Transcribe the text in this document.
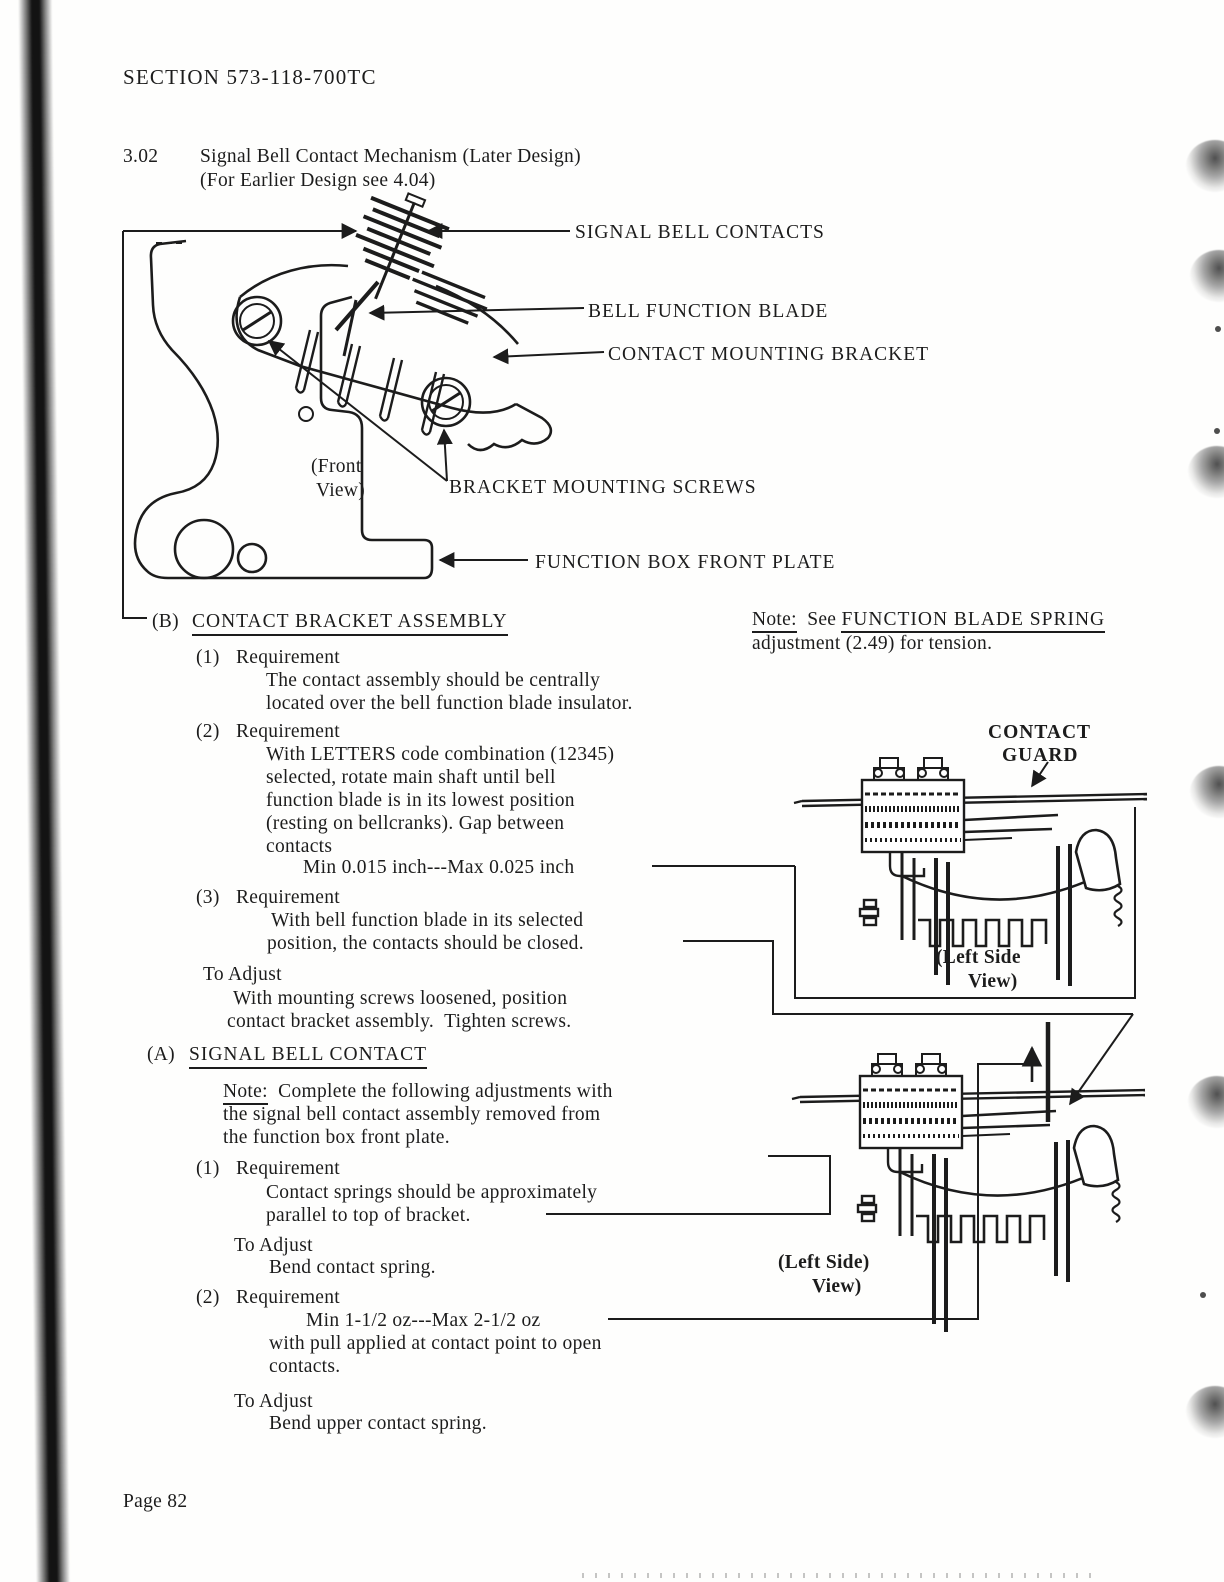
SECTION 573-118-700TC
3.02 Signal Bell Contact Mechanism (Later Design)
(For Earlier Design see 4.04)
SIGNAL BELL CONTACTS
BELL FUNCTION BLADE
CONTACT MOUNTING BRACKET
(Front
View)	BRACKET MOUNTING SCREWS
FUNCTION BOX FRONT PLATE
(B) CONTACT BRACKET ASSEMBLY	Note: See FUNCTION BLADE SPRING
adjustment (2.49) for tension.
(1) Requirement
The contact assembly should be centrally
located over the bell function blade insulator.
(2) Requirement
With LETTERS code combination (12345)
selected, rotate main shaft until bell
function blade is in its lowest position
(resting on bellcranks). Gap between
contacts
Min 0.015 inch---Max 0.025 inch
(3) Requirement
With bell function blade in its selected
position, the contacts should be closed.
To Adjust
With mounting screws loosened, position
contact bracket assembly.  Tighten screws.
(A) SIGNAL BELL CONTACT
Note:  Complete the following adjustments with
the signal bell contact assembly removed from
the function box front plate.
(1) Requirement
Contact springs should be approximately
parallel to top of bracket.
To Adjust
Bend contact spring.
(2) Requirement
Min 1-1/2 oz---Max 2-1/2 oz
with pull applied at contact point to open
contacts.
To Adjust
Bend upper contact spring.
CONTACT
GUARD
(Left Side
View)
(Left Side)
View)
Page 82
